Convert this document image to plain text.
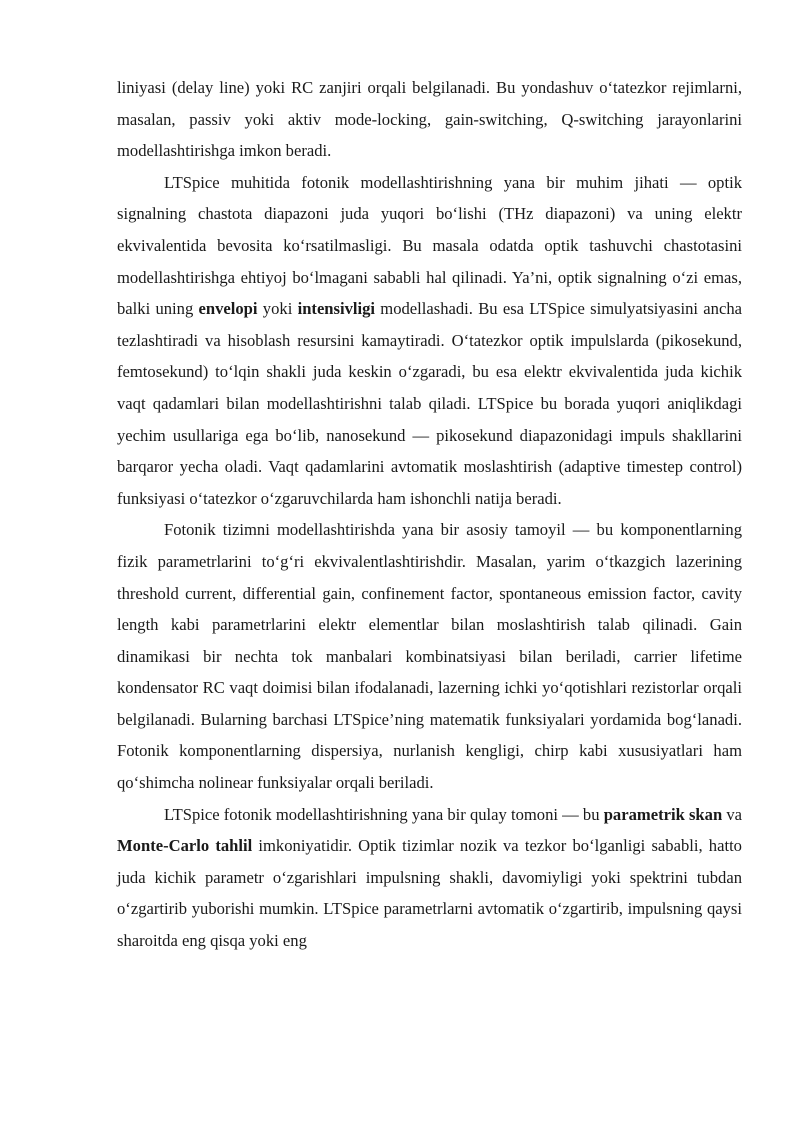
liniyasi (delay line) yoki RC zanjiri orqali belgilanadi. Bu yondashuv o‘tatezkor rejimlarni, masalan, passiv yoki aktiv mode-locking, gain-switching, Q-switching jarayonlarini modellashtirishga imkon beradi.

LTSpice muhitida fotonik modellashtirishning yana bir muhim jihati — optik signalning chastota diapazoni juda yuqori bo‘lishi (THz diapazoni) va uning elektr ekvivalentida bevosita ko‘rsatilmasligi. Bu masala odatda optik tashuvchi chastotasini modellashtirishga ehtiyoj bo‘lmagani sababli hal qilinadi. Ya’ni, optik signalning o‘zi emas, balki uning envelopi yoki intensivligi modellashadi. Bu esa LTSpice simulyatsiyasini ancha tezlashtiradi va hisoblash resursini kamaytiradi. O‘tatezkor optik impulslarda (pikosekund, femtosekund) to‘lqin shakli juda keskin o‘zgaradi, bu esa elektr ekvivalentida juda kichik vaqt qadamlari bilan modellashtirishni talab qiladi. LTSpice bu borada yuqori aniqlikdagi yechim usullariga ega bo‘lib, nanosekund — pikosekund diapazonidagi impuls shakllarini barqaror yecha oladi. Vaqt qadamlarini avtomatik moslashtirish (adaptive timestep control) funksiyasi o‘tatezkor o‘zgaruvchilarda ham ishonchli natija beradi.

Fotonik tizimni modellashtirishda yana bir asosiy tamoyil — bu komponentlarning fizik parametrlarini to‘g‘ri ekvivalentlashtirishdir. Masalan, yarim o‘tkazgich lazerining threshold current, differential gain, confinement factor, spontaneous emission factor, cavity length kabi parametrlarini elektr elementlar bilan moslashtirish talab qilinadi. Gain dinamikasi bir nechta tok manbalari kombinatsiyasi bilan beriladi, carrier lifetime kondensator RC vaqt doimisi bilan ifodalanadi, lazerning ichki yo‘qotishlari rezistorlar orqali belgilanadi. Bularning barchasi LTSpice’ning matematik funksiyalari yordamida bog‘lanadi. Fotonik komponentlarning dispersiya, nurlanish kengligi, chirp kabi xususiyatlari ham qo‘shimcha nolinear funksiyalar orqali beriladi.

LTSpice fotonik modellashtirishning yana bir qulay tomoni — bu parametrik skan va Monte-Carlo tahlil imkoniyatidir. Optik tizimlar nozik va tezkor bo‘lganligi sababli, hatto juda kichik parametr o‘zgarishlari impulsning shakli, davomiyligi yoki spektrini tubdan o‘zgartirib yuborishi mumkin. LTSpice parametrlarni avtomatik o‘zgartirib, impulsning qaysi sharoitda eng qisqa yoki eng
